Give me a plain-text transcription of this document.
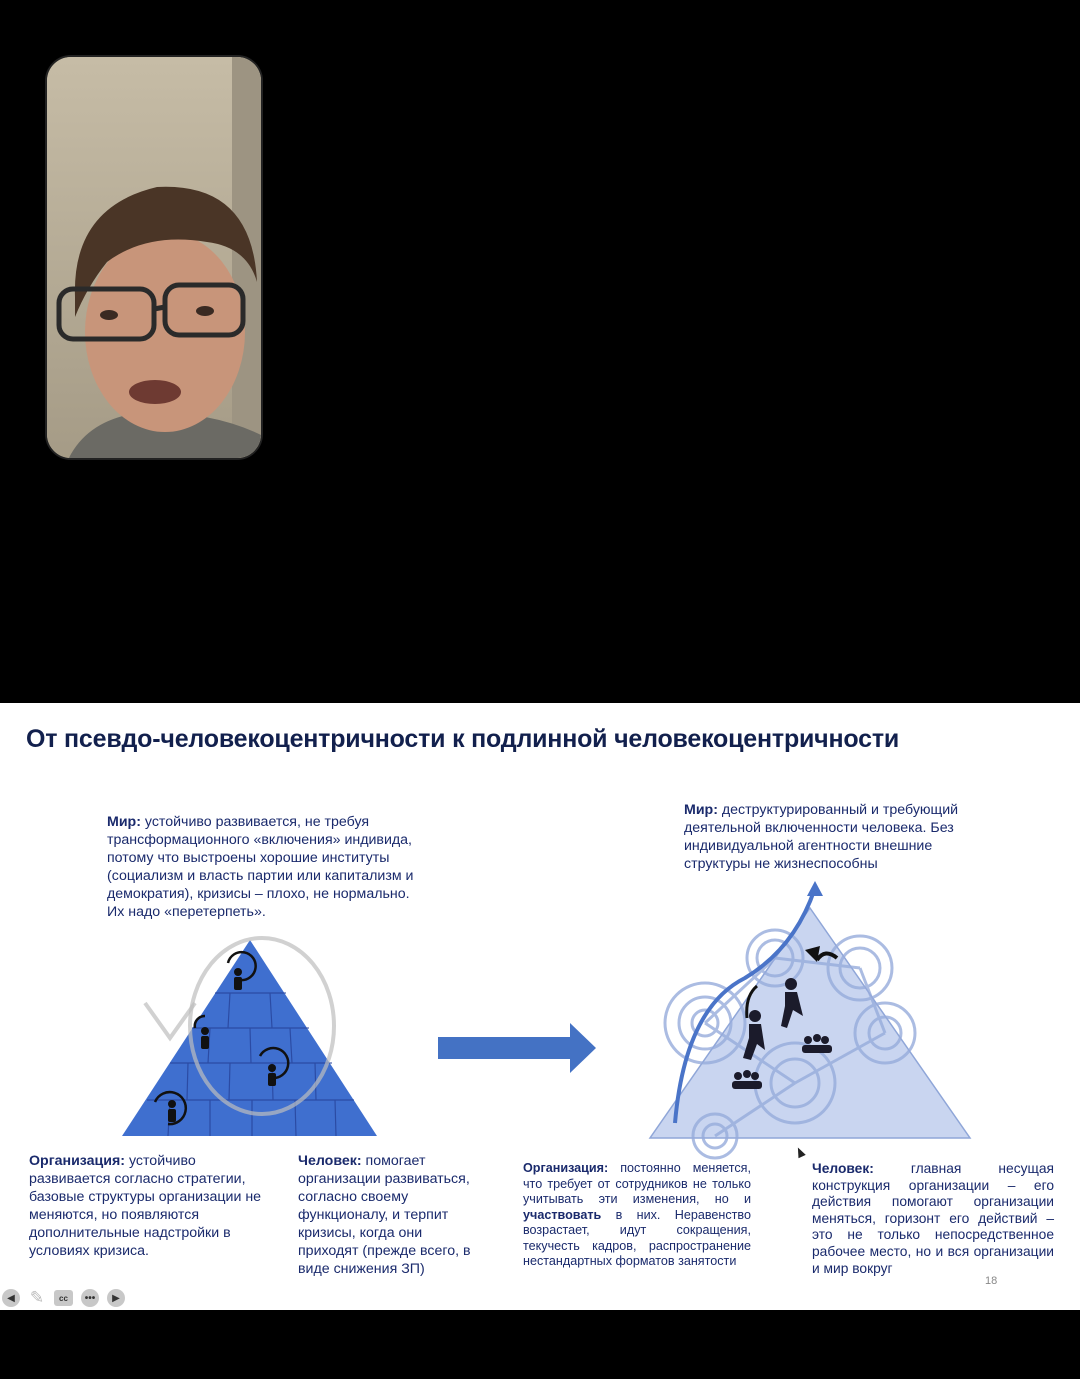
От псевдо-человекоцентричности к подлинной человекоцентричности
Мир: устойчиво развивается, не требуя трансформационного «включения» индивида, потому что выстроены хорошие институты (социализм и власть партии или капитализм и демократия), кризисы – плохо, не нормально. Их надо «перетерпеть».
Организация: устойчиво развивается согласно стратегии, базовые структуры организации не меняются, но появляются дополнительные надстройки в условиях кризиса.
Человек: помогает организации развиваться, согласно своему функционалу, и терпит кризисы, когда они приходят (прежде всего, в виде снижения ЗП)
Мир: деструктурированный и требующий деятельной включенности человека. Без индивидуальной агентности внешние структуры не жизнеспособны
Организация: постоянно меняется, что требует от сотрудников не только учитывать эти изменения, но и участвовать в них. Неравенство возрастает, идут сокращения, текучесть кадров, распространение нестандартных форматов занятости
Человек: главная несущая конструкция организации – его действия помогают организации меняться, горизонт его действий – это не только непосредственное рабочее место, но и вся организации и мир вокруг
18
◀ ✎	cc	•••	▶
